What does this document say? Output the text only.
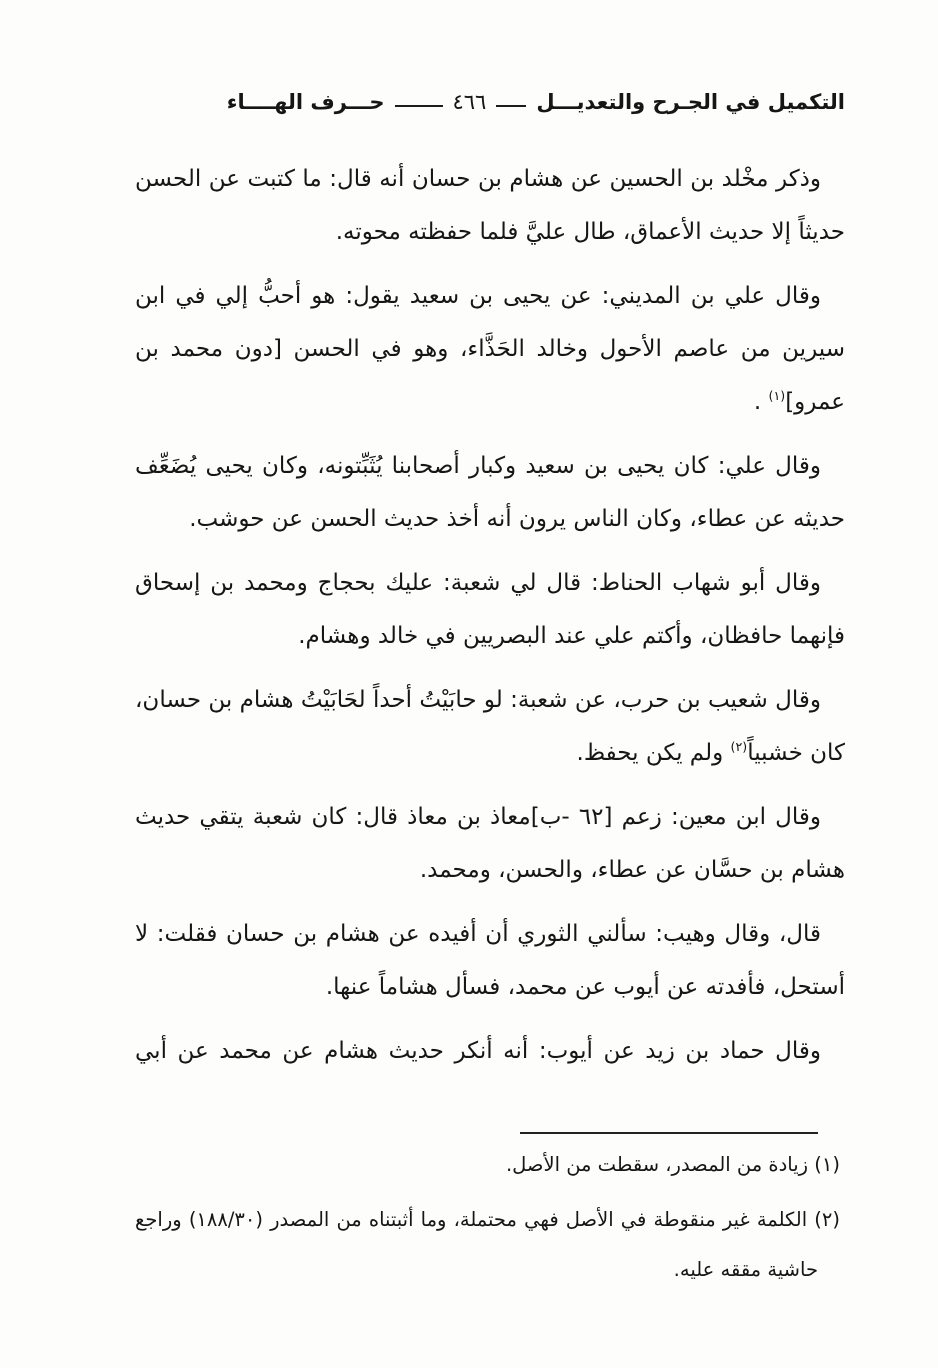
التكميل في الجـرح والتعديـــل
٤٦٦
حـــرف الهــــاء
وذكر مخْلد بن الحسين عن هشام بن حسان أنه قال: ما كتبت عن الحسن
حديثاً إلا حديث الأعماق، طال عليَّ فلما حفظته محوته.
وقال علي بن المديني: عن يحيى بن سعيد يقول: هو أحبُّ إلي في ابن
سيرين من عاصم الأحول وخالد الحَذَّاء، وهو في الحسن [دون محمد بن
عمرو]$^{(١)}$ .
وقال علي: كان يحيى بن سعيد وكبار أصحابنا يُثَبِّتونه، وكان يحيى يُضَعِّف
حديثه عن عطاء، وكان الناس يرون أنه أخذ حديث الحسن عن حوشب.
وقال أبو شهاب الحناط: قال لي شعبة: عليك بحجاج ومحمد بن إسحاق
فإنهما حافظان، وأكتم علي عند البصريين في خالد وهشام.
وقال شعيب بن حرب، عن شعبة: لو حابَيْتُ أحداً لحَابَيْتُ هشام بن حسان،
كان خشبياً$^{(٢)}$ ولم يكن يحفظ.
وقال ابن معين: زعم [٦٢ -ب]معاذ بن معاذ قال: كان شعبة يتقي حديث
هشام بن حسَّان عن عطاء، والحسن، ومحمد.
قال، وقال وهيب: سألني الثوري أن أفيده عن هشام بن حسان فقلت: لا
أستحل، فأفدته عن أيوب عن محمد، فسأل هشاماً عنها.
وقال حماد بن زيد عن أيوب: أنه أنكر حديث هشام عن محمد عن أبي
(١) زيادة من المصدر، سقطت من الأصل.
(٢) الكلمة غير منقوطة في الأصل فهي محتملة، وما أثبتناه من المصدر (١٨٨/٣٠) وراجع
حاشية مققه عليه.
